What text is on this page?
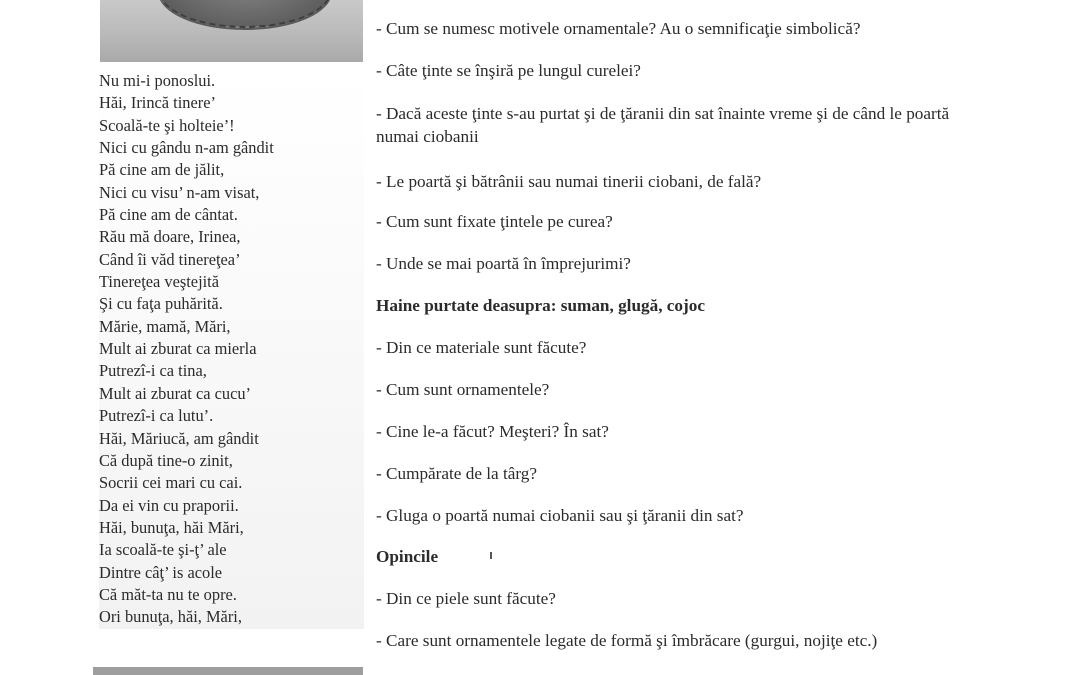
Nu mi-i ponoslui.
Hăi, Irincă tinere’
Scoală-te şi holteie’!
Nici cu gându n-am gândit
Pă cine am de jălit,
Nici cu visu’ n-am visat,
Pă cine am de cântat.
Rău mă doare, Irinea,
Când îi văd tinereţea’
Tinereţea veştejită
Şi cu faţa puhărită.
Mărie, mamă, Mări,
Mult ai zburat ca mierla
Putrezî-i ca tina,
Mult ai zburat ca cucu’
Putrezî-i ca lutu’.
Hăi, Măriucă, am gândit
Că după tine-o zinit,
Socrii cei mari cu cai.
Da ei vin cu praporii.
Hăi, bunuţa, hăi Mări,
Ia scoală-te şi-ţ’ ale
Dintre câţ’ is acole
Că măt-ta nu te opre.
Ori bunuţa, hăi, Mări,
- Cum se numesc motivele ornamentale? Au o semnificaţie simbolică?
- Câte ţinte se înşiră pe lungul curelei?
- Dacă aceste ţinte s-au purtat şi de ţăranii din sat înainte vreme şi de când le poartă numai ciobanii
- Le poartă şi bătrânii sau numai tinerii ciobani, de fală?
- Cum sunt fixate ţintele pe curea?
- Unde se mai poartă în împrejurimi?
Haine purtate deasupra: suman, glugă, cojoc
- Din ce materiale sunt făcute?
- Cum sunt ornamentele?
- Cine le-a făcut? Meşteri? În sat?
- Cumpărate de la târg?
- Gluga o poartă numai ciobanii sau şi ţăranii din sat?
Opincile
- Din ce piele sunt făcute?
- Care sunt ornamentele legate de formă şi îmbrăcare (gurgui, nojiţe etc.)
